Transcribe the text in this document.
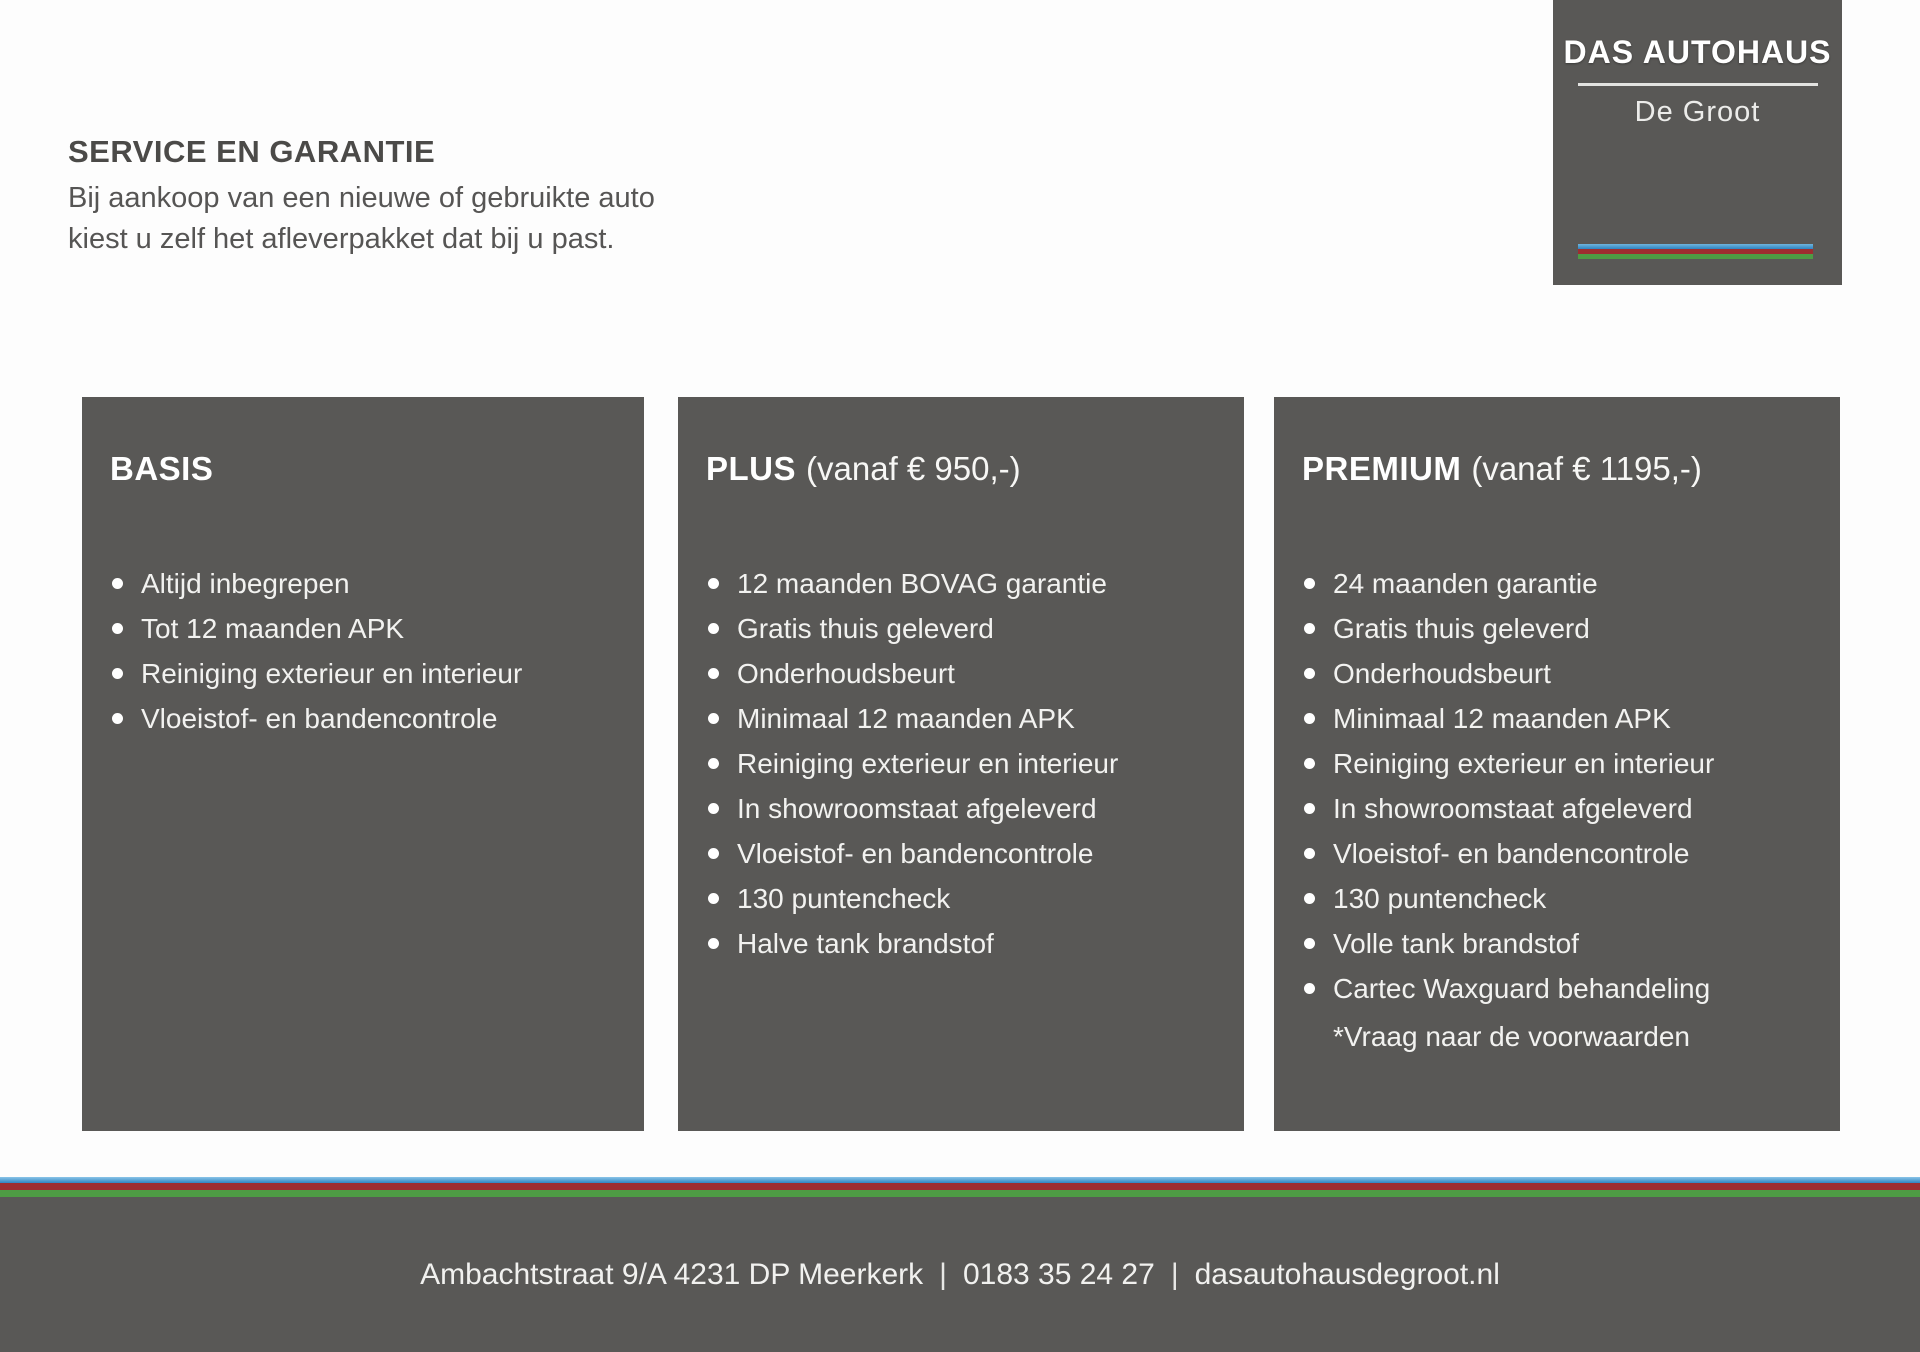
DAS AUTOHAUS
De Groot
SERVICE EN GARANTIE
Bij aankoop van een nieuwe of gebruikte auto
kiest u zelf het afleverpakket dat bij u past.
BASIS
Altijd inbegrepen
Tot 12 maanden APK
Reiniging exterieur en interieur
Vloeistof- en bandencontrole
PLUS (vanaf € 950,-)
12 maanden BOVAG garantie
Gratis thuis geleverd
Onderhoudsbeurt
Minimaal 12 maanden APK
Reiniging exterieur en interieur
In showroomstaat afgeleverd
Vloeistof- en bandencontrole
130 puntencheck
Halve tank brandstof
PREMIUM (vanaf € 1195,-)
24 maanden garantie
Gratis thuis geleverd
Onderhoudsbeurt
Minimaal 12 maanden APK
Reiniging exterieur en interieur
In showroomstaat afgeleverd
Vloeistof- en bandencontrole
130 puntencheck
Volle tank brandstof
Cartec Waxguard behandeling
*Vraag naar de voorwaarden
Ambachtstraat 9/A 4231 DP Meerkerk | 0183 35 24 27 | dasautohausdegroot.nl
